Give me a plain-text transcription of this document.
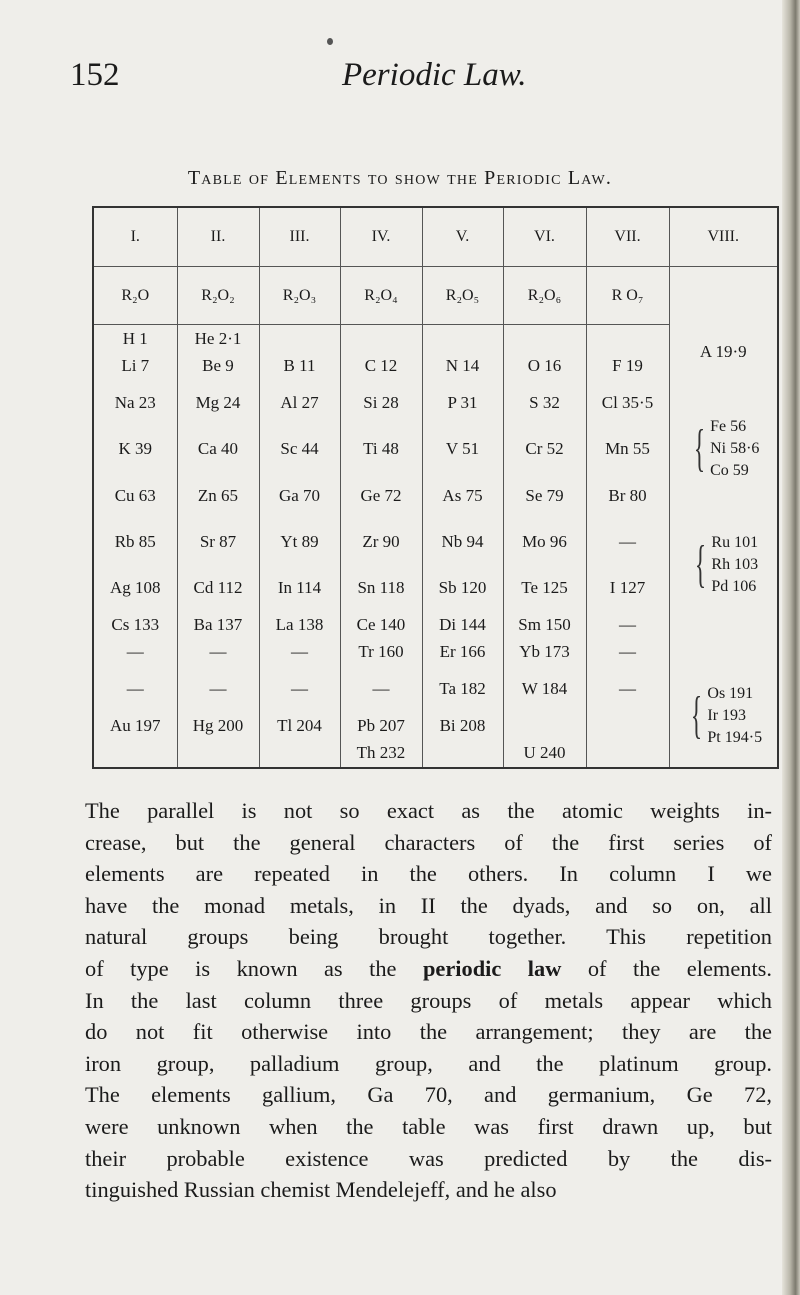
152	Periodic Law.
Table of Elements to show the Periodic Law.
I.	II.	III.	IV.	V.	VI.	VII.	VIII.
R₂O	R₂O₂	R₂O₃	R₂O₄	R₂O₅	R₂O₆	R O₇	
H 1	He 2·1						A 19·9
Li 7	Be 9	B 11	C 12	N 14	O 16	F 19	
Na 23	Mg 24	Al 27	Si 28	P 31	S 32	Cl 35·5	{ Fe 56
Ni 58·6
Co 59

K 39	Ca 40	Sc 44	Ti 48	V 51	Cr 52	Mn 55	
Cu 63	Zn 65	Ga 70	Ge 72	As 75	Se 79	Br 80	
Rb 85	Sr 87	Yt 89	Zr 90	Nb 94	Mo 96	—	{ Ru 101
Rh 103
Pd 106

Ag 108	Cd 112	In 114	Sn 118	Sb 120	Te 125	I 127	
Cs 133	Ba 137	La 138	Ce 140	Di 144	Sm 150	—	
—	—	—	Tr 160	Er 166	Yb 173	—	
—	—	—	—	Ta 182	W 184	—	{ Os 191
Ir 193
Pt 194·5

Au 197	Hg 200	Tl 204	Pb 207	Bi 208			
			Th 232		U 240		
The parallel is not so exact as the atomic weights in-
crease, but the general characters of the first series of
elements are repeated in the others. In column I we
have the monad metals, in II the dyads, and so on, all
natural groups being brought together. This repetition
of type is known as the periodic law of the elements.
In the last column three groups of metals appear which
do not fit otherwise into the arrangement; they are the
iron group, palladium group, and the platinum group.
The elements gallium, Ga 70, and germanium, Ge 72,
were unknown when the table was first drawn up, but
their probable existence was predicted by the dis-
tinguished Russian chemist Mendelejeff, and he also
